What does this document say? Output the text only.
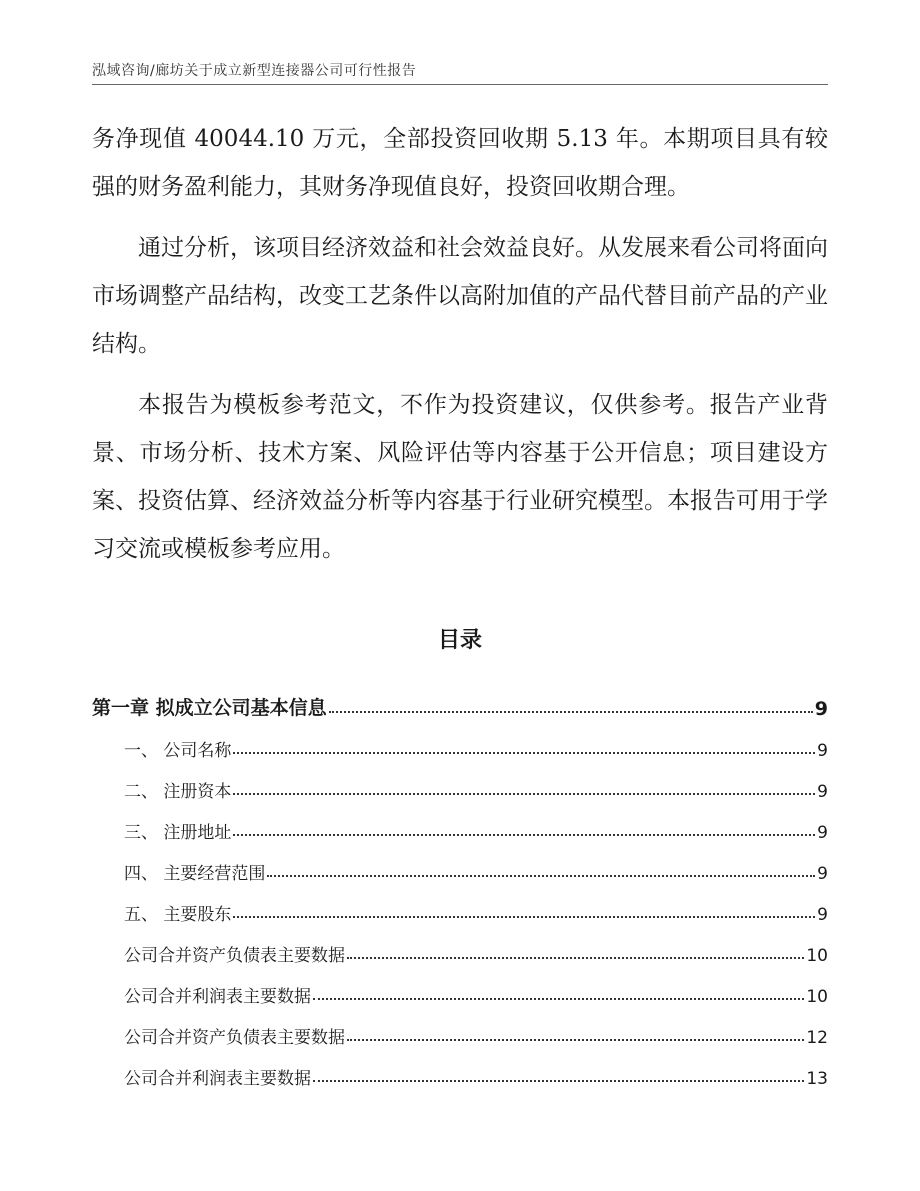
泓域咨询/廊坊关于成立新型连接器公司可行性报告

务净现值 40044.10 万元，全部投资回收期 5.13 年。本期项目具有较强的财务盈利能力，其财务净现值良好，投资回收期合理。

通过分析，该项目经济效益和社会效益良好。从发展来看公司将面向市场调整产品结构，改变工艺条件以高附加值的产品代替目前产品的产业结构。

本报告为模板参考范文，不作为投资建议，仅供参考。报告产业背景、市场分析、技术方案、风险评估等内容基于公开信息；项目建设方案、投资估算、经济效益分析等内容基于行业研究模型。本报告可用于学习交流或模板参考应用。

目录
第一章 拟成立公司基本信息	9
一、 公司名称	9
二、 注册资本	9
三、 注册地址	9
四、 主要经营范围	9
五、 主要股东	9
公司合并资产负债表主要数据	10
公司合并利润表主要数据	10
公司合并资产负债表主要数据	12
公司合并利润表主要数据	13
